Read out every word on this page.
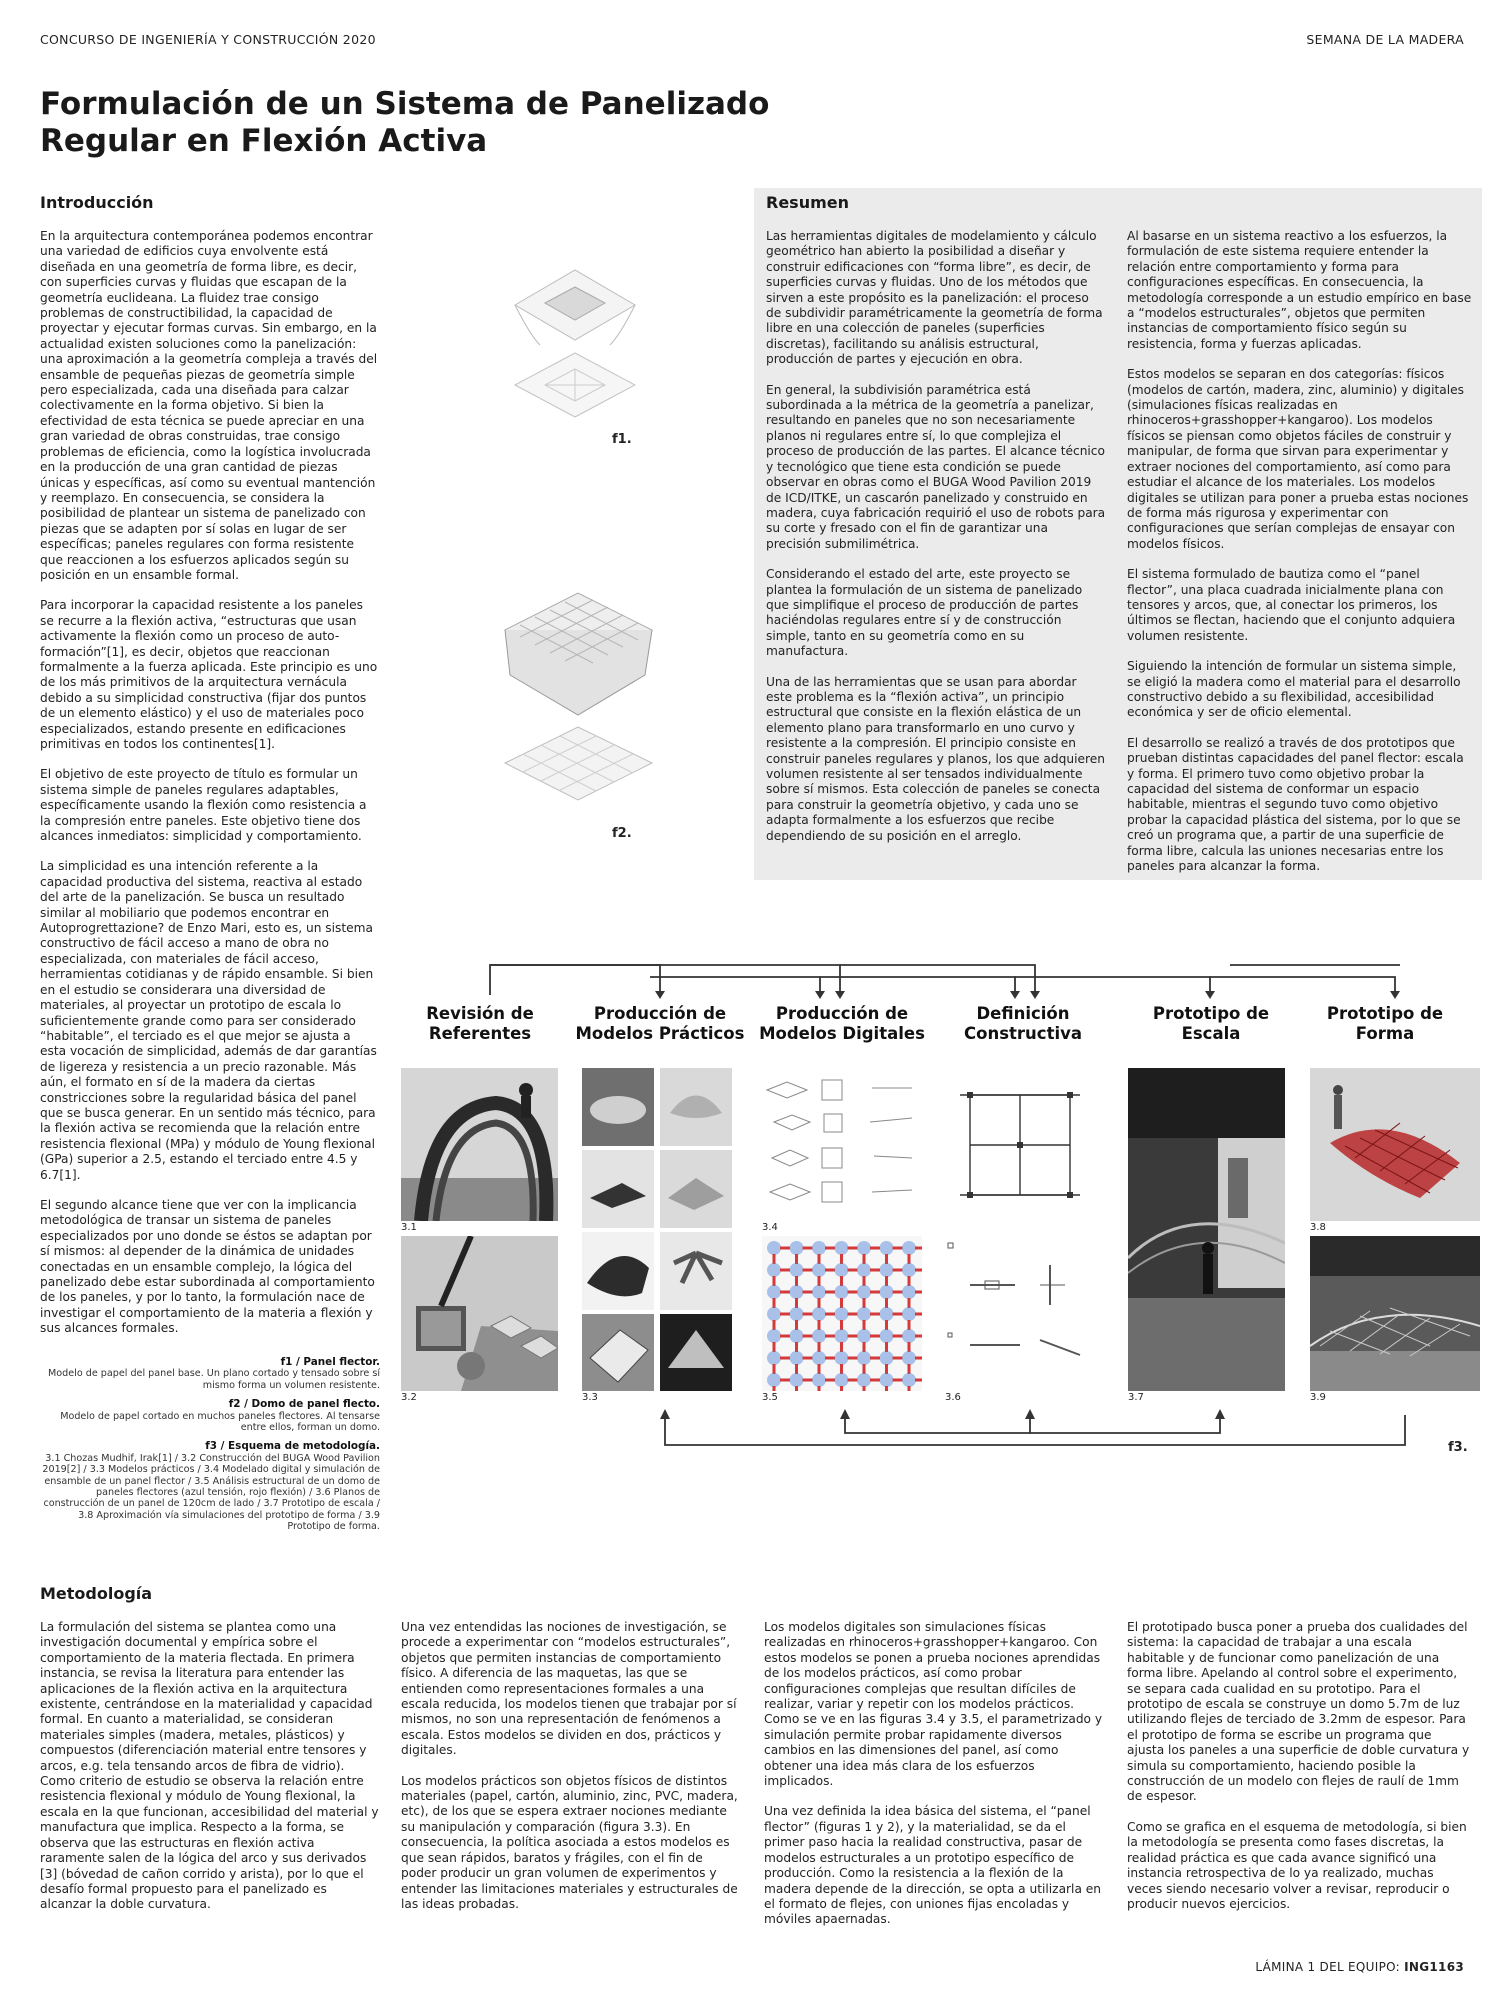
CONCURSO DE INGENIERÍA Y CONSTRUCCIÓN 2020	SEMANA DE LA MADERA
Formulación de un Sistema de Panelizado
Regular en Flexión Activa
Introducción

En la arquitectura contemporánea podemos encontrar una variedad de edificios cuya envolvente está diseñada en una geometría de forma libre, es decir, con superficies curvas y fluidas que escapan de la geometría euclideana. La fluidez trae consigo problemas de constructibilidad, la capacidad de proyectar y ejecutar formas curvas. Sin embargo, en la actualidad existen soluciones como la panelización: una aproximación a la geometría compleja a través del ensamble de pequeñas piezas de geometría simple pero especializada, cada una diseñada para calzar colectivamente en la forma objetivo. Si bien la efectividad de esta técnica se puede apreciar en una gran variedad de obras construidas, trae consigo problemas de eficiencia, como la logística involucrada en la producción de una gran cantidad de piezas únicas y específicas, así como su eventual mantención y reemplazo. En consecuencia, se considera la posibilidad de plantear un sistema de panelizado con piezas que se adapten por sí solas en lugar de ser específicas; paneles regulares con forma resistente que reaccionen a los esfuerzos aplicados según su posición en un ensamble formal.

Para incorporar la capacidad resistente a los paneles se recurre a la flexión activa, “estructuras que usan activamente la flexión como un proceso de auto-formación”[1], es decir, objetos que reaccionan formalmente a la fuerza aplicada. Este principio es uno de los más primitivos de la arquitectura vernácula debido a su simplicidad constructiva (fijar dos puntos de un elemento elástico) y el uso de materiales poco especializados, estando presente en edificaciones primitivas en todos los continentes[1].

El objetivo de este proyecto de título es formular un sistema simple de paneles regulares adaptables, específicamente usando la flexión como resistencia a la compresión entre paneles. Este objetivo tiene dos alcances inmediatos: simplicidad y comportamiento.

La simplicidad es una intención referente a la capacidad productiva del sistema, reactiva al estado del arte de la panelización. Se busca un resultado similar al mobiliario que podemos encontrar en Autoprogrettazione? de Enzo Mari, esto es, un sistema constructivo de fácil acceso a mano de obra no especializada, con materiales de fácil acceso, herramientas cotidianas y de rápido ensamble. Si bien en el estudio se considerara una diversidad de materiales, al proyectar un prototipo de escala lo suficientemente grande como para ser considerado “habitable”, el terciado es el que mejor se ajusta a esta vocación de simplicidad, además de dar garantías de ligereza y resistencia a un precio razonable. Más aún, el formato en sí de la madera da ciertas constricciones sobre la regularidad básica del panel que se busca generar. En un sentido más técnico, para la flexión activa se recomienda que la relación entre resistencia flexional (MPa) y módulo de Young flexional (GPa) superior a 2.5, estando el terciado entre 4.5 y 6.7[1].

El segundo alcance tiene que ver con la implicancia metodológica de transar un sistema de paneles especializados por uno donde se éstos se adaptan por sí mismos: al depender de la dinámica de unidades conectadas en un ensamble complejo, la lógica del panelizado debe estar subordinada al comportamiento de los paneles, y por lo tanto, la formulación nace de investigar el comportamiento de la materia a flexión y sus alcances formales.

f1.
f2.
Resumen

Las herramientas digitales de modelamiento y cálculo geométrico han abierto la posibilidad a diseñar y construir edificaciones con “forma libre”, es decir, de superficies curvas y fluidas. Uno de los métodos que sirven a este propósito es la panelización: el proceso de subdividir paramétricamente la geometría de forma libre en una colección de paneles (superficies discretas), facilitando su análisis estructural, producción de partes y ejecución en obra.

En general, la subdivisión paramétrica está subordinada a la métrica de la geometría a panelizar, resultando en paneles que no son necesariamente planos ni regulares entre sí, lo que complejiza el proceso de producción de las partes. El alcance técnico y tecnológico que tiene esta condición se puede observar en obras como el BUGA Wood Pavilion 2019 de ICD/ITKE, un cascarón panelizado y construido en madera, cuya fabricación requirió el uso de robots para su corte y fresado con el fin de garantizar una precisión submilimétrica.

Considerando el estado del arte, este proyecto se plantea la formulación de un sistema de panelizado que simplifique el proceso de producción de partes haciéndolas regulares entre sí y de construcción simple, tanto en su geometría como en su manufactura.

Una de las herramientas que se usan para abordar este problema es la “flexión activa”, un principio estructural que consiste en la flexión elástica de un elemento plano para transformarlo en uno curvo y resistente a la compresión. El principio consiste en construir paneles regulares y planos, los que adquieren volumen resistente al ser tensados individualmente sobre sí mismos. Esta colección de paneles se conecta para construir la geometría objetivo, y cada uno se adapta formalmente a los esfuerzos que recibe dependiendo de su posición en el arreglo.

Al basarse en un sistema reactivo a los esfuerzos, la formulación de este sistema requiere entender la relación entre comportamiento y forma para configuraciones específicas. En consecuencia, la metodología corresponde a un estudio empírico en base a “modelos estructurales”, objetos que permiten instancias de comportamiento físico según su resistencia, forma y fuerzas aplicadas.

Estos modelos se separan en dos categorías: físicos (modelos de cartón, madera, zinc, aluminio) y digitales (simulaciones físicas realizadas en rhinoceros+grasshopper+kangaroo). Los modelos físicos se piensan como objetos fáciles de construir y manipular, de forma que sirvan para experimentar y extraer nociones del comportamiento, así como para estudiar el alcance de los materiales. Los modelos digitales se utilizan para poner a prueba estas nociones de forma más rigurosa y experimentar con configuraciones que serían complejas de ensayar con modelos físicos.

El sistema formulado de bautiza como el “panel flector”, una placa cuadrada inicialmente plana con tensores y arcos, que, al conectar los primeros, los últimos se flectan, haciendo que el conjunto adquiera volumen resistente.

Siguiendo la intención de formular un sistema simple, se eligió la madera como el material para el desarrollo constructivo debido a su flexibilidad, accesibilidad económica y ser de oficio elemental.

El desarrollo se realizó a través de dos prototipos que prueban distintas capacidades del panel flector: escala y forma. El primero tuvo como objetivo probar la capacidad del sistema de conformar un espacio habitable, mientras el segundo tuvo como objetivo probar la capacidad plástica del sistema, por lo que se creó un programa que, a partir de una superficie de forma libre, calcula las uniones necesarias entre los paneles para alcanzar la forma.

Revisión de
Referentes
Producción de
Modelos Prácticos
Producción de
Modelos Digitales
Definición
Constructiva
Prototipo de
Escala
Prototipo de
Forma
3.1
3.2	3.3
3.4
3.5	3.6	3.7
3.8
3.9
f3.

f1 / Panel flector.
Modelo de papel del panel base. Un plano cortado y tensado sobre sí mismo forma un volumen resistente.

f2 / Domo de panel flecto.
Modelo de papel cortado en muchos paneles flectores. Al tensarse entre ellos, forman un domo.

f3 / Esquema de metodología.
3.1 Chozas Mudhif, Irak[1] / 3.2 Construcción del BUGA Wood Pavilion 2019[2] / 3.3 Modelos prácticos / 3.4 Modelado digital y simulación de ensamble de un panel flector / 3.5 Análisis estructural de un domo de paneles flectores (azul tensión, rojo flexión) / 3.6 Planos de construcción de un panel de 120cm de lado / 3.7 Prototipo de escala / 3.8 Aproximación vía simulaciones del prototipo de forma / 3.9 Prototipo de forma.

Metodología

La formulación del sistema se plantea como una investigación documental y empírica sobre el comportamiento de la materia flectada. En primera instancia, se revisa la literatura para entender las aplicaciones de la flexión activa en la arquitectura existente, centrándose en la materialidad y capacidad formal. En cuanto a materialidad, se consideran materiales simples (madera, metales, plásticos) y compuestos (diferenciación material entre tensores y arcos, e.g. tela tensando arcos de fibra de vidrio). Como criterio de estudio se observa la relación entre resistencia flexional y módulo de Young flexional, la escala en la que funcionan, accesibilidad del material y manufactura que implica. Respecto a la forma, se observa que las estructuras en flexión activa raramente salen de la lógica del arco y sus derivados [3] (bóvedad de cañon corrido y arista), por lo que el desafío formal propuesto para el panelizado es alcanzar la doble curvatura.

Una vez entendidas las nociones de investigación, se procede a experimentar con “modelos estructurales”, objetos que permiten instancias de comportamiento físico. A diferencia de las maquetas, las que se entienden como representaciones formales a una escala reducida, los modelos tienen que trabajar por sí mismos, no son una representación de fenómenos a escala. Estos modelos se dividen en dos, prácticos y digitales.

Los modelos prácticos son objetos físicos de distintos materiales (papel, cartón, aluminio, zinc, PVC, madera, etc), de los que se espera extraer nociones mediante su manipulación y comparación (figura 3.3). En consecuencia, la política asociada a estos modelos es que sean rápidos, baratos y frágiles, con el fin de poder producir un gran volumen de experimentos y entender las limitaciones materiales y estructurales de las ideas probadas.

Los modelos digitales son simulaciones físicas realizadas en rhinoceros+grasshopper+kangaroo. Con estos modelos se ponen a prueba nociones aprendidas de los modelos prácticos, así como probar configuraciones complejas que resultan difíciles de realizar, variar y repetir con los modelos prácticos. Como se ve en las figuras 3.4 y 3.5, el parametrizado y simulación permite probar rapidamente diversos cambios en las dimensiones del panel, así como obtener una idea más clara de los esfuerzos implicados.

Una vez definida la idea básica del sistema, el “panel flector” (figuras 1 y 2), y la materialidad, se da el primer paso hacia la realidad constructiva, pasar de modelos estructurales a un prototipo específico de producción. Como la resistencia a la flexión de la madera depende de la dirección, se opta a utilizarla en el formato de flejes, con uniones fijas encoladas y móviles apaernadas.

El prototipado busca poner a prueba dos cualidades del sistema: la capacidad de trabajar a una escala habitable y de funcionar como panelización de una forma libre. Apelando al control sobre el experimento, se separa cada cualidad en su prototipo. Para el prototipo de escala se construye un domo 5.7m de luz utilizando flejes de terciado de 3.2mm de espesor. Para el prototipo de forma se escribe un programa que ajusta los paneles a una superficie de doble curvatura y simula su comportamiento, haciendo posible la construcción de un modelo con flejes de raulí de 1mm de espesor.

Como se grafica en el esquema de metodología, si bien la metodología se presenta como fases discretas, la realidad práctica es que cada avance significó una instancia retrospectiva de lo ya realizado, muchas veces siendo necesario volver a revisar, reproducir o producir nuevos ejercicios.

LÁMINA 1 DEL EQUIPO: ING1163
